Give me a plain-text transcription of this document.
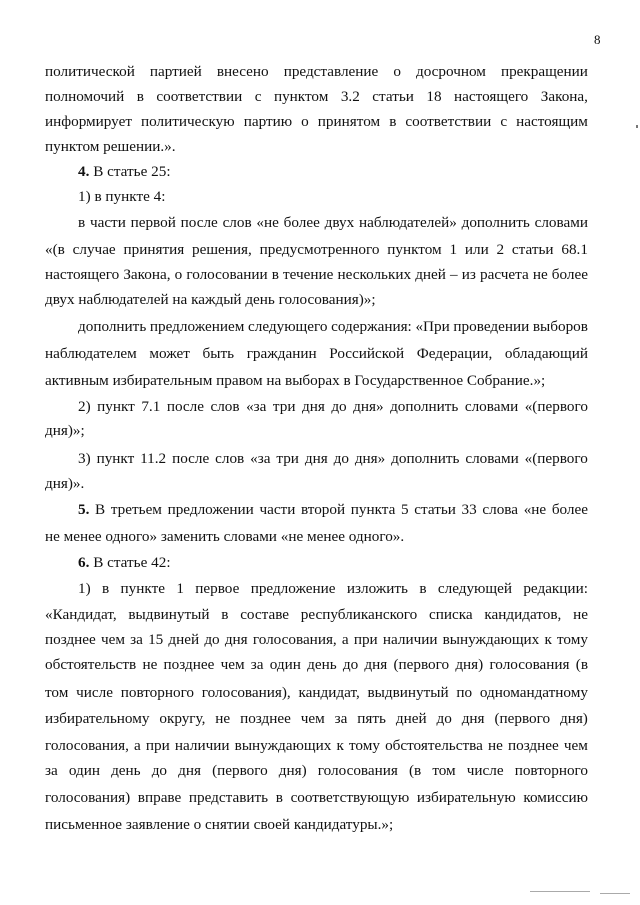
8
политической партией внесено представление о досрочном прекращении
полномочий в соответствии с пунктом 3.2 статьи 18 настоящего Закона,
информирует политическую партию о принятом в соответствии с настоящим
пунктом решении.».
4. В статье 25:
1) в пункте 4:
в части первой после слов «не более двух наблюдателей» дополнить словами
«(в случае принятия решения, предусмотренного пунктом 1 или 2 статьи 68.1
настоящего Закона, о голосовании в течение нескольких дней – из расчета не более
двух наблюдателей на каждый день голосования)»;
дополнить предложением следующего содержания: «При проведении выборов
наблюдателем может быть гражданин Российской Федерации, обладающий
активным избирательным правом на выборах в Государственное Собрание.»;
2) пункт 7.1 после слов «за три дня до дня» дополнить словами «(первого
дня)»;
3) пункт 11.2 после слов «за три дня до дня» дополнить словами «(первого
дня)».
5. В третьем предложении части второй пункта 5 статьи 33 слова «не более
не менее одного» заменить словами «не менее одного».
6. В статье 42:
1) в пункте 1 первое предложение изложить в следующей редакции:
«Кандидат, выдвинутый в составе республиканского списка кандидатов, не
позднее чем за 15 дней до дня голосования, а при наличии вынуждающих к тому
обстоятельств не позднее чем за один день до дня (первого дня) голосования (в
том числе повторного голосования), кандидат, выдвинутый по одномандатному
избирательному округу, не позднее чем за пять дней до дня (первого дня)
голосования, а при наличии вынуждающих к тому обстоятельства не позднее чем
за один день до дня (первого дня) голосования (в том числе повторного
голосования) вправе представить в соответствующую избирательную комиссию
письменное заявление о снятии своей кандидатуры.»;
